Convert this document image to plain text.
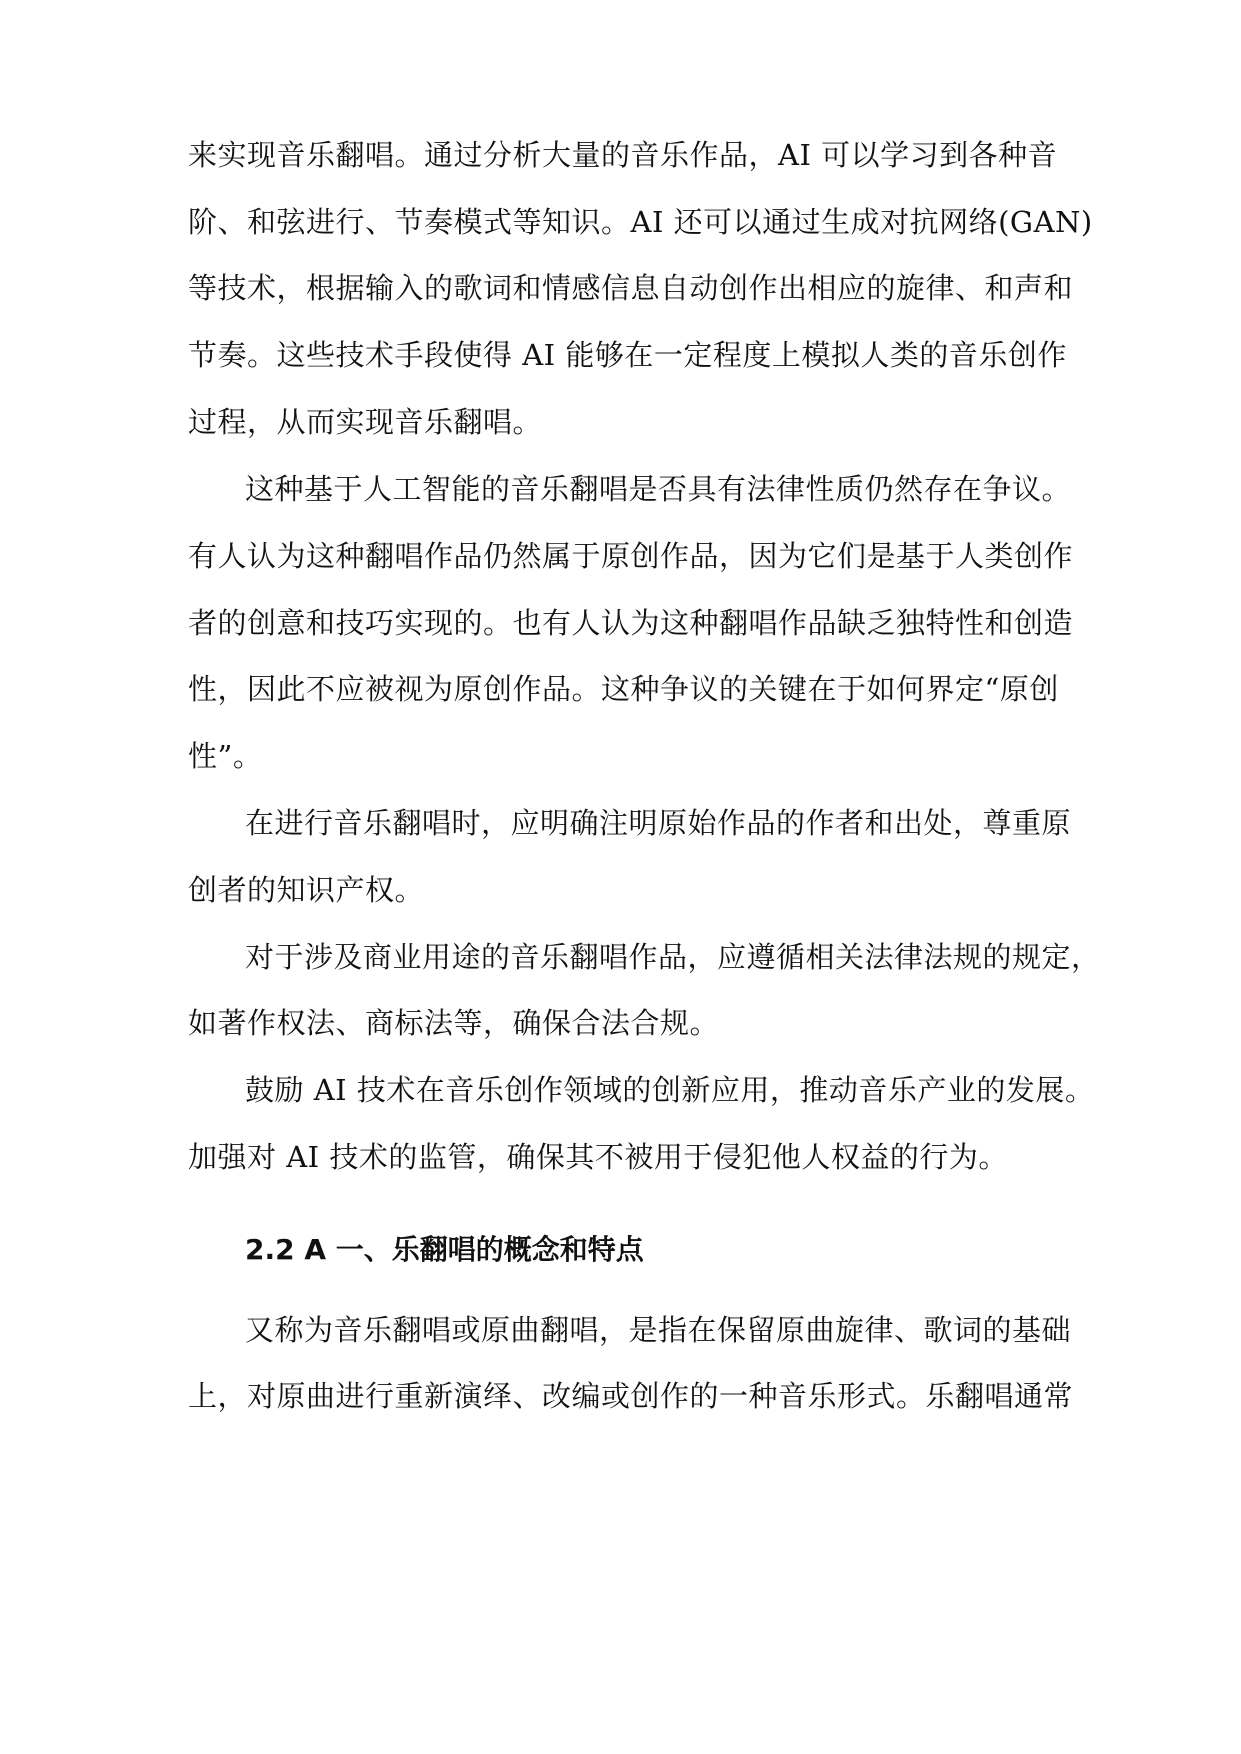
来实现音乐翻唱。通过分析大量的音乐作品，AI 可以学习到各种音
阶、和弦进行、节奏模式等知识。AI 还可以通过生成对抗网络(GAN)
等技术，根据输入的歌词和情感信息自动创作出相应的旋律、和声和
节奏。这些技术手段使得 AI 能够在一定程度上模拟人类的音乐创作
过程，从而实现音乐翻唱。
这种基于人工智能的音乐翻唱是否具有法律性质仍然存在争议。
有人认为这种翻唱作品仍然属于原创作品，因为它们是基于人类创作
者的创意和技巧实现的。也有人认为这种翻唱作品缺乏独特性和创造
性，因此不应被视为原创作品。这种争议的关键在于如何界定“原创
性”。
在进行音乐翻唱时，应明确注明原始作品的作者和出处，尊重原
创者的知识产权。
对于涉及商业用途的音乐翻唱作品，应遵循相关法律法规的规定，
如著作权法、商标法等，确保合法合规。
鼓励 AI 技术在音乐创作领域的创新应用，推动音乐产业的发展。
加强对 AI 技术的监管，确保其不被用于侵犯他人权益的行为。
2.2 A 一、乐翻唱的概念和特点
又称为音乐翻唱或原曲翻唱，是指在保留原曲旋律、歌词的基础
上，对原曲进行重新演绎、改编或创作的一种音乐形式。乐翻唱通常
